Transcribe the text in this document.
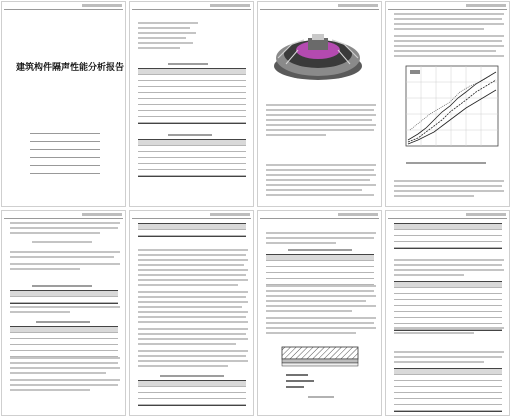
建筑构件隔声性能分析报告
